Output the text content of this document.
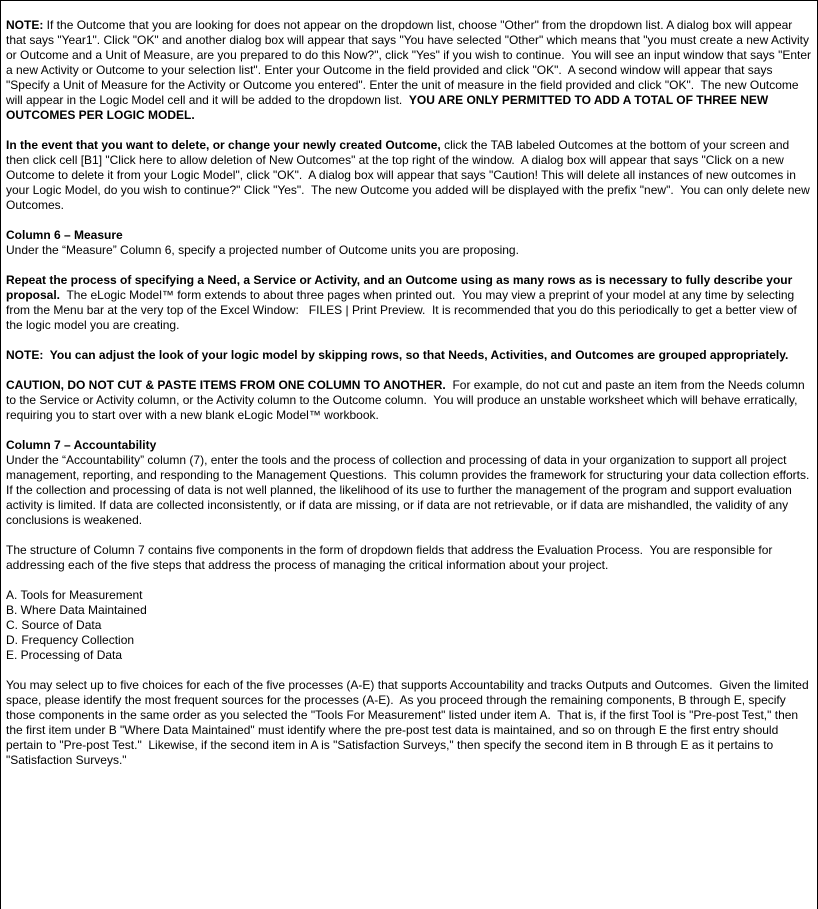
NOTE: If the Outcome that you are looking for does not appear on the dropdown list, choose "Other" from the dropdown list. A dialog box will appear that says "Year1". Click "OK" and another dialog box will appear that says "You have selected "Other" which means that "you must create a new Activity or Outcome and a Unit of Measure, are you prepared to do this Now?", click "Yes" if you wish to continue.  You will see an input window that says "Enter a new Activity or Outcome to your selection list". Enter your Outcome in the field provided and click "OK".  A second window will appear that says "Specify a Unit of Measure for the Activity or Outcome you entered". Enter the unit of measure in the field provided and click "OK".  The new Outcome will appear in the Logic Model cell and it will be added to the dropdown list.  YOU ARE ONLY PERMITTED TO ADD A TOTAL OF THREE NEW OUTCOMES PER LOGIC MODEL.

In the event that you want to delete, or change your newly created Outcome, click the TAB labeled Outcomes at the bottom of your screen and then click cell [B1] "Click here to allow deletion of New Outcomes" at the top right of the window.  A dialog box will appear that says "Click on a new Outcome to delete it from your Logic Model", click "OK".  A dialog box will appear that says "Caution! This will delete all instances of new outcomes in your Logic Model, do you wish to continue?" Click "Yes".  The new Outcome you added will be displayed with the prefix "new".  You can only delete new Outcomes.

Column 6 – Measure
Under the “Measure” Column 6, specify a projected number of Outcome units you are proposing.

Repeat the process of specifying a Need, a Service or Activity, and an Outcome using as many rows as is necessary to fully describe your proposal.  The eLogic Model™ form extends to about three pages when printed out.  You may view a preprint of your model at any time by selecting from the Menu bar at the very top of the Excel Window:   FILES | Print Preview.  It is recommended that you do this periodically to get a better view of the logic model you are creating.

NOTE:  You can adjust the look of your logic model by skipping rows, so that Needs, Activities, and Outcomes are grouped appropriately.

CAUTION, DO NOT CUT & PASTE ITEMS FROM ONE COLUMN TO ANOTHER.  For example, do not cut and paste an item from the Needs column to the Service or Activity column, or the Activity column to the Outcome column.  You will produce an unstable worksheet which will behave erratically, requiring you to start over with a new blank eLogic Model™ workbook.

Column 7 – Accountability
Under the “Accountability” column (7), enter the tools and the process of collection and processing of data in your organization to support all project management, reporting, and responding to the Management Questions.  This column provides the framework for structuring your data collection efforts. If the collection and processing of data is not well planned, the likelihood of its use to further the management of the program and support evaluation activity is limited. If data are collected inconsistently, or if data are missing, or if data are not retrievable, or if data are mishandled, the validity of any conclusions is weakened.

The structure of Column 7 contains five components in the form of dropdown fields that address the Evaluation Process.  You are responsible for addressing each of the five steps that address the process of managing the critical information about your project.

A. Tools for Measurement
B. Where Data Maintained
C. Source of Data
D. Frequency Collection
E. Processing of Data

You may select up to five choices for each of the five processes (A-E) that supports Accountability and tracks Outputs and Outcomes.  Given the limited space, please identify the most frequent sources for the processes (A-E).  As you proceed through the remaining components, B through E, specify those components in the same order as you selected the "Tools For Measurement" listed under item A.  That is, if the first Tool is "Pre-post Test," then the first item under B "Where Data Maintained" must identify where the pre-post test data is maintained, and so on through E the first entry should pertain to "Pre-post Test."  Likewise, if the second item in A is "Satisfaction Surveys," then specify the second item in B through E as it pertains to "Satisfaction Surveys."
